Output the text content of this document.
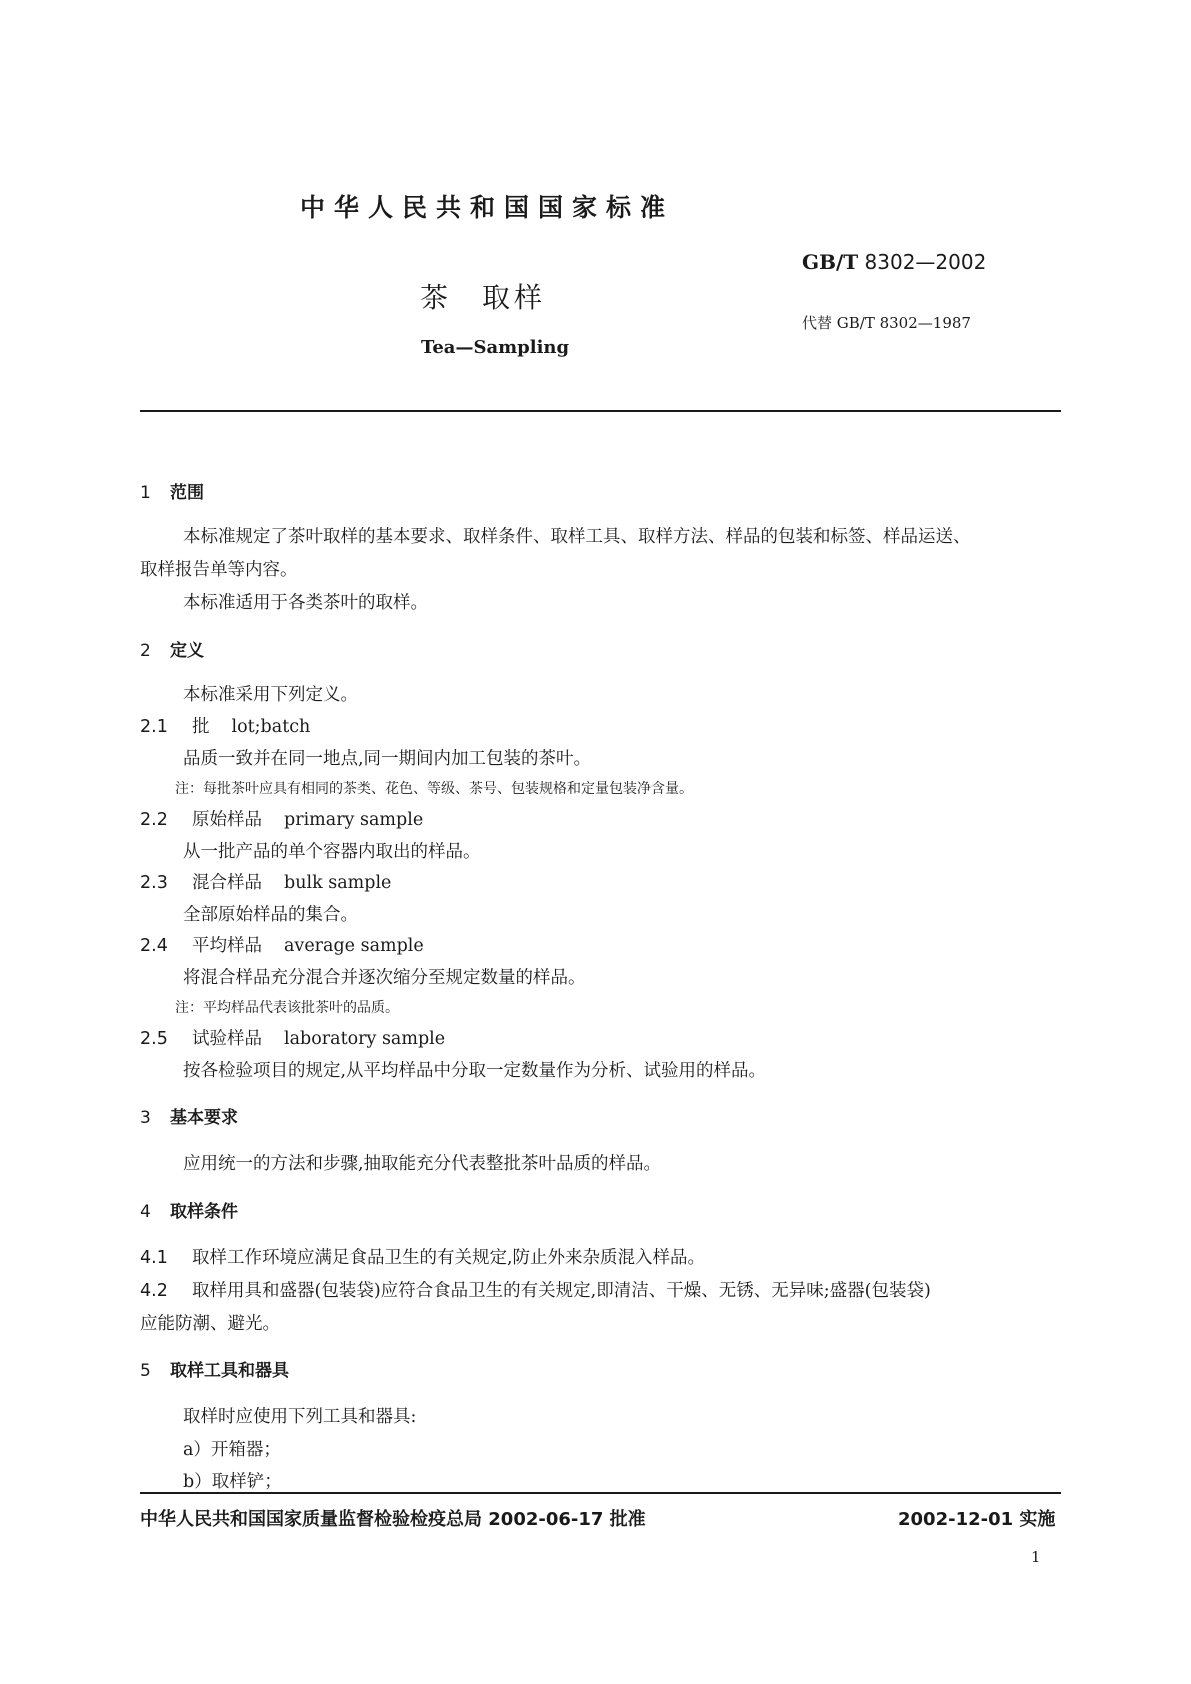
中华人民共和国国家标准
茶 取样
Tea—Sampling
GB/T 8302—2002
代替 GB/T 8302—1987
1 范围
本标准规定了茶叶取样的基本要求、取样条件、取样工具、取样方法、样品的包装和标签、样品运送、
取样报告单等内容。
本标准适用于各类茶叶的取样。
2 定义
本标准采用下列定义。
2.1 批 lot;batch
品质一致并在同一地点,同一期间内加工包装的茶叶。
注：每批茶叶应具有相同的茶类、花色、等级、茶号、包装规格和定量包装净含量。
2.2 原始样品 primary sample
从一批产品的单个容器内取出的样品。
2.3 混合样品 bulk sample
全部原始样品的集合。
2.4 平均样品 average sample
将混合样品充分混合并逐次缩分至规定数量的样品。
注：平均样品代表该批茶叶的品质。
2.5 试验样品 laboratory sample
按各检验项目的规定,从平均样品中分取一定数量作为分析、试验用的样品。
3 基本要求
应用统一的方法和步骤,抽取能充分代表整批茶叶品质的样品。
4 取样条件
4.1 取样工作环境应满足食品卫生的有关规定,防止外来杂质混入样品。
4.2 取样用具和盛器(包装袋)应符合食品卫生的有关规定,即清洁、干燥、无锈、无异味;盛器(包装袋)
应能防潮、避光。
5 取样工具和器具
取样时应使用下列工具和器具:
a）开箱器；
b）取样铲；
中华人民共和国国家质量监督检验检疫总局 2002-06-17 批准	2002-12-01 实施
1
